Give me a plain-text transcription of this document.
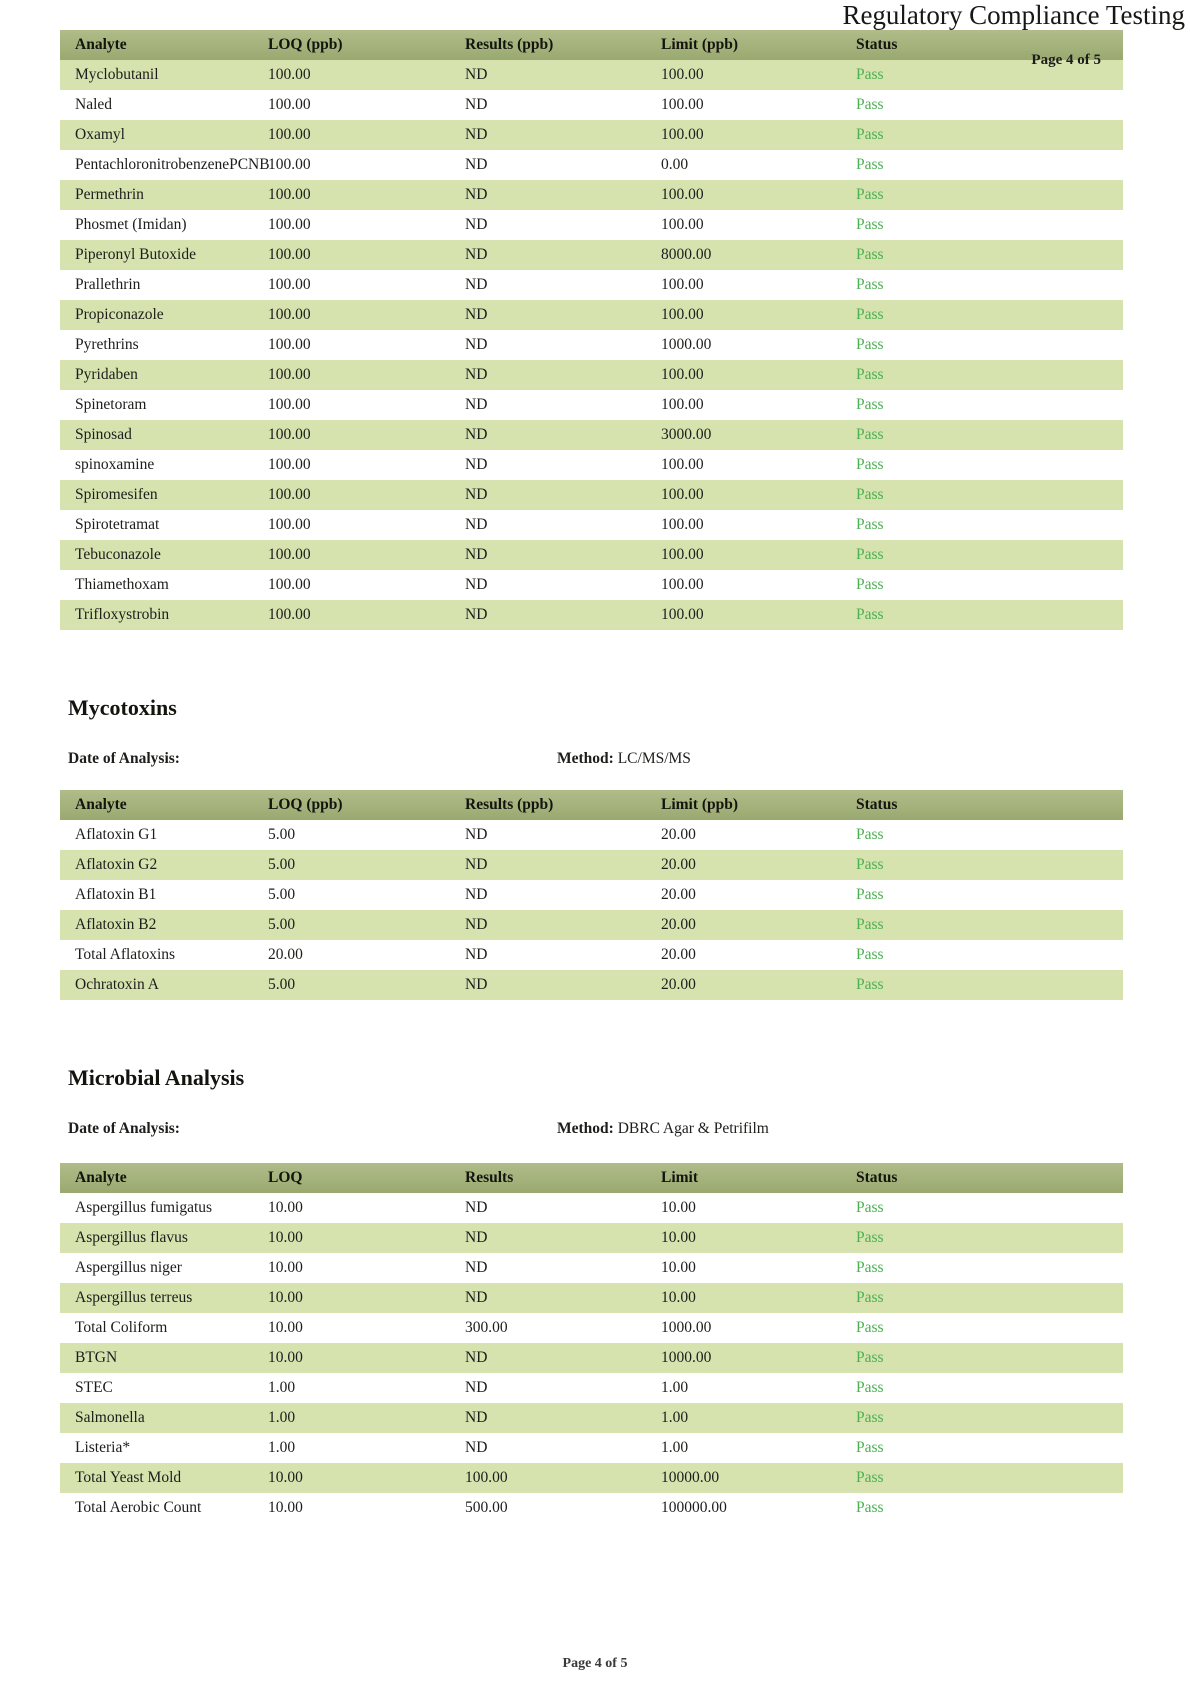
Regulatory Compliance Testing
Page 4 of 5
Analyte	LOQ (ppb)	Results (ppb)	Limit (ppb)	Status
Myclobutanil	100.00	ND	100.00	Pass
Naled	100.00	ND	100.00	Pass
Oxamyl	100.00	ND	100.00	Pass
PentachloronitrobenzenePCNB	100.00	ND	0.00	Pass
Permethrin	100.00	ND	100.00	Pass
Phosmet (Imidan)	100.00	ND	100.00	Pass
Piperonyl Butoxide	100.00	ND	8000.00	Pass
Prallethrin	100.00	ND	100.00	Pass
Propiconazole	100.00	ND	100.00	Pass
Pyrethrins	100.00	ND	1000.00	Pass
Pyridaben	100.00	ND	100.00	Pass
Spinetoram	100.00	ND	100.00	Pass
Spinosad	100.00	ND	3000.00	Pass
spinoxamine	100.00	ND	100.00	Pass
Spiromesifen	100.00	ND	100.00	Pass
Spirotetramat	100.00	ND	100.00	Pass
Tebuconazole	100.00	ND	100.00	Pass
Thiamethoxam	100.00	ND	100.00	Pass
Trifloxystrobin	100.00	ND	100.00	Pass
Mycotoxins
Date of Analysis:	Method: LC/MS/MS
Analyte	LOQ (ppb)	Results (ppb)	Limit (ppb)	Status
Aflatoxin G1	5.00	ND	20.00	Pass
Aflatoxin G2	5.00	ND	20.00	Pass
Aflatoxin B1	5.00	ND	20.00	Pass
Aflatoxin B2	5.00	ND	20.00	Pass
Total Aflatoxins	20.00	ND	20.00	Pass
Ochratoxin A	5.00	ND	20.00	Pass
Microbial Analysis
Date of Analysis:	Method: DBRC Agar & Petrifilm
Analyte	LOQ	Results	Limit	Status
Aspergillus fumigatus	10.00	ND	10.00	Pass
Aspergillus flavus	10.00	ND	10.00	Pass
Aspergillus niger	10.00	ND	10.00	Pass
Aspergillus terreus	10.00	ND	10.00	Pass
Total Coliform	10.00	300.00	1000.00	Pass
BTGN	10.00	ND	1000.00	Pass
STEC	1.00	ND	1.00	Pass
Salmonella	1.00	ND	1.00	Pass
Listeria*	1.00	ND	1.00	Pass
Total Yeast Mold	10.00	100.00	10000.00	Pass
Total Aerobic Count	10.00	500.00	100000.00	Pass
Page 4 of 5
